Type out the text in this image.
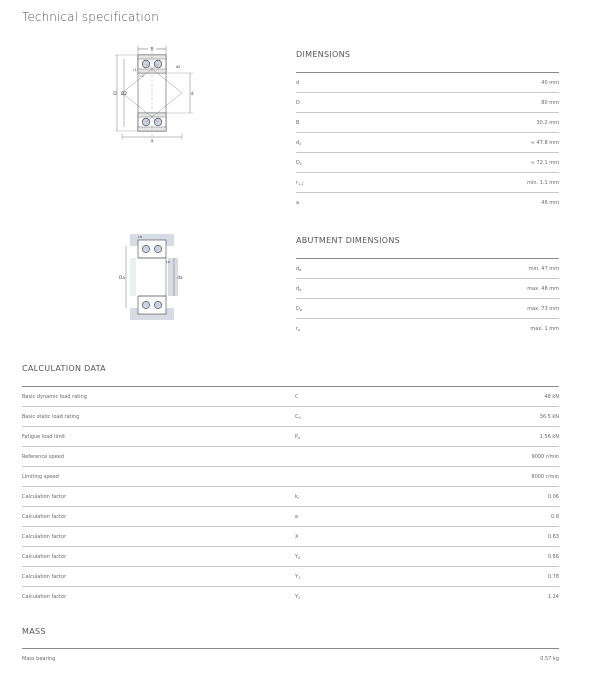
Technical specification
B
D D2	d
d2
r1
r2
a
Da	da
ra
ra
DIMENSIONS
d	40 mm
D	80 mm
B	30.2 mm
$d_2$	≈ 47.8 mm
$D_2$	≈ 72.1 mm
$r_{1,2}$	min. 1.1 mm
a	46 mm
ABUTMENT DIMENSIONS
$d_a$	min. 47 mm
$d_a$	max. 48 mm
$D_a$	max. 73 mm
$r_a$	max. 1 mm
CALCULATION DATA
Basic dynamic load rating	C	48 kN
Basic static load rating	$C_0$	36.5 kN
Fatigue load limit	$P_u$	1.56 kN
Reference speed	9000 r/min
Limiting speed	8000 r/min
Calculation factor	$k_r$	0.06
Calculation factor	e	0.8
Calculation factor	X	0.63
Calculation factor	$Y_0$	0.66
Calculation factor	$Y_1$	0.78
Calculation factor	$Y_2$	1.24
MASS
Mass bearing	0.57 kg
